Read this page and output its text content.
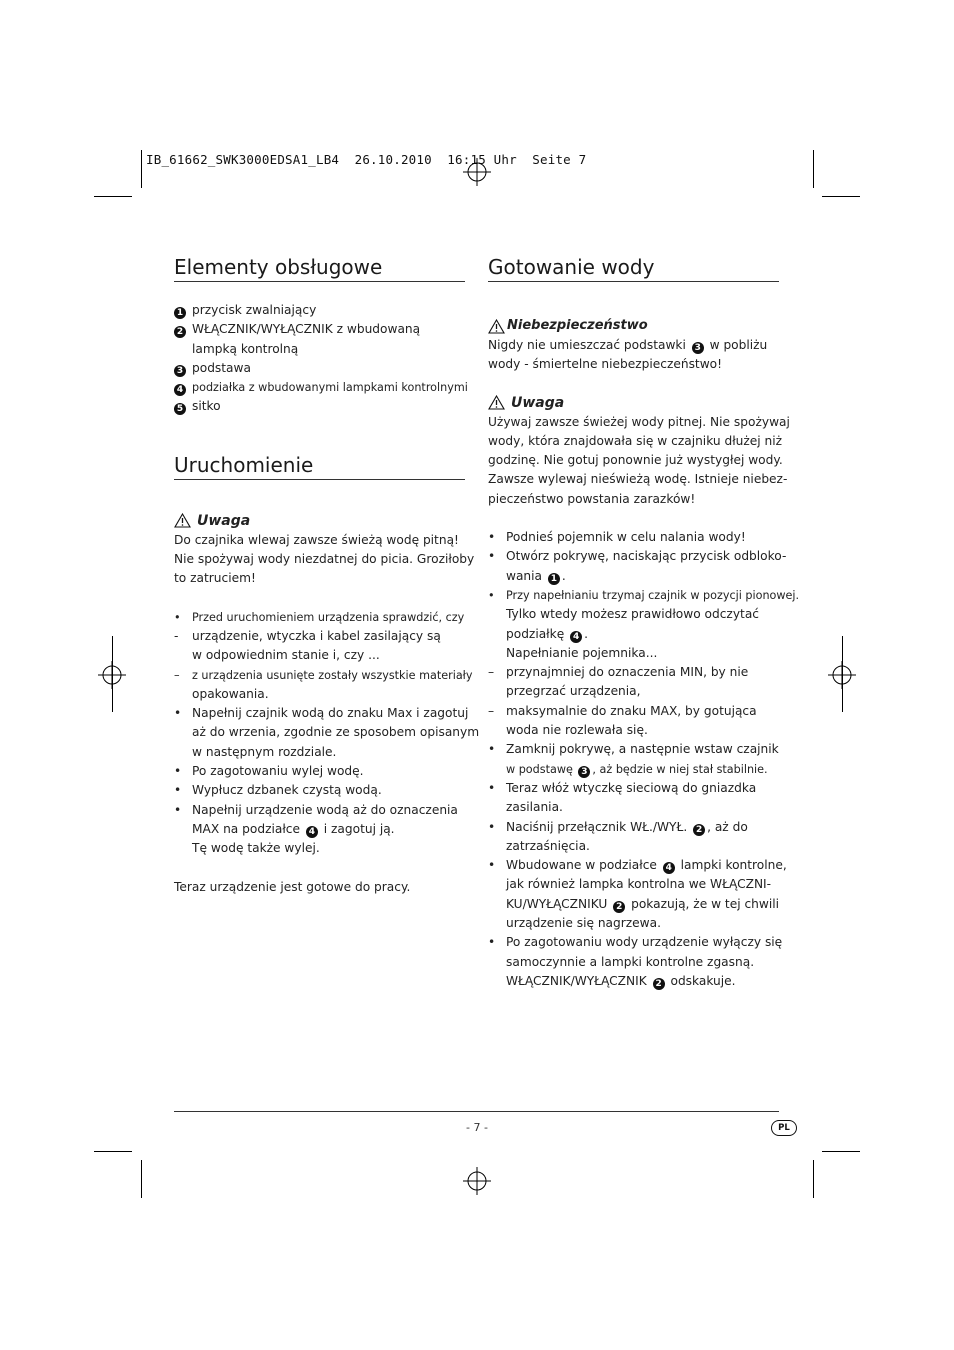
IB_61662_SWK3000EDSA1_LB4  26.10.2010  16:15 Uhr  Seite 7
Elementy obsługowe
1 przycisk zwalniający
2 WŁĄCZNIK/WYŁĄCZNIK z wbudowaną
lampką kontrolną
3 podstawa
4 podziałka z wbudowanymi lampkami kontrolnymi
5 sitko
Uruchomienie
Uwaga
Do czajnika wlewaj zawsze świeżą wodę pitną!
Nie spożywaj wody niezdatnej do picia. Groziłoby
to zatruciem!
• Przed uruchomieniem urządzenia sprawdzić, czy
- urządzenie, wtyczka i kabel zasilający są
w odpowiednim stanie i, czy ...
– z urządzenia usunięte zostały wszystkie materiały
opakowania.
• Napełnij czajnik wodą do znaku Max i zagotuj
aż do wrzenia, zgodnie ze sposobem opisanym
w następnym rozdziale.
• Po zagotowaniu wylej wodę.
• Wypłucz dzbanek czystą wodą.
• Napełnij urządzenie wodą aż do oznaczenia
MAX na podziałce 4 i zagotuj ją.
Tę wodę także wylej.
Teraz urządzenie jest gotowe do pracy.
Gotowanie wody
Niebezpieczeństwo
Nigdy nie umieszczać podstawki 3 w pobliżu
wody - śmiertelne niebezpieczeństwo!
Uwaga
Używaj zawsze świeżej wody pitnej. Nie spożywaj
wody, która znajdowała się w czajniku dłużej niż
godzinę. Nie gotuj ponownie już wystygłej wody.
Zawsze wylewaj nieświeżą wodę. Istnieje niebez-
pieczeństwo powstania zarazków!
• Podnieś pojemnik w celu nalania wody!
• Otwórz pokrywę, naciskając przycisk odbloko-
wania 1 .
• Przy napełnianiu trzymaj czajnik w pozycji pionowej.
Tylko wtedy możesz prawidłowo odczytać
podziałkę 4 .
Napełnianie pojemnika...
– przynajmniej do oznaczenia MIN, by nie
przegrzać urządzenia,
– maksymalnie do znaku MAX, by gotująca
woda nie rozlewała się.
• Zamknij pokrywę, a następnie wstaw czajnik
w podstawę 3 , aż będzie w niej stał stabilnie.
• Teraz włóż wtyczkę sieciową do gniazdka
zasilania.
• Naciśnij przełącznik WŁ./WYŁ. 2 , aż do
zatrzaśnięcia.
• Wbudowane w podziałce 4 lampki kontrolne,
jak również lampka kontrolna we WŁĄCZNI-
KU/WYŁĄCZNIKU 2 pokazują, że w tej chwili
urządzenie się nagrzewa.
• Po zagotowaniu wody urządzenie wyłączy się
samoczynnie a lampki kontrolne zgasną.
WŁĄCZNIK/WYŁĄCZNIK 2 odskakuje.
- 7 -	PL
